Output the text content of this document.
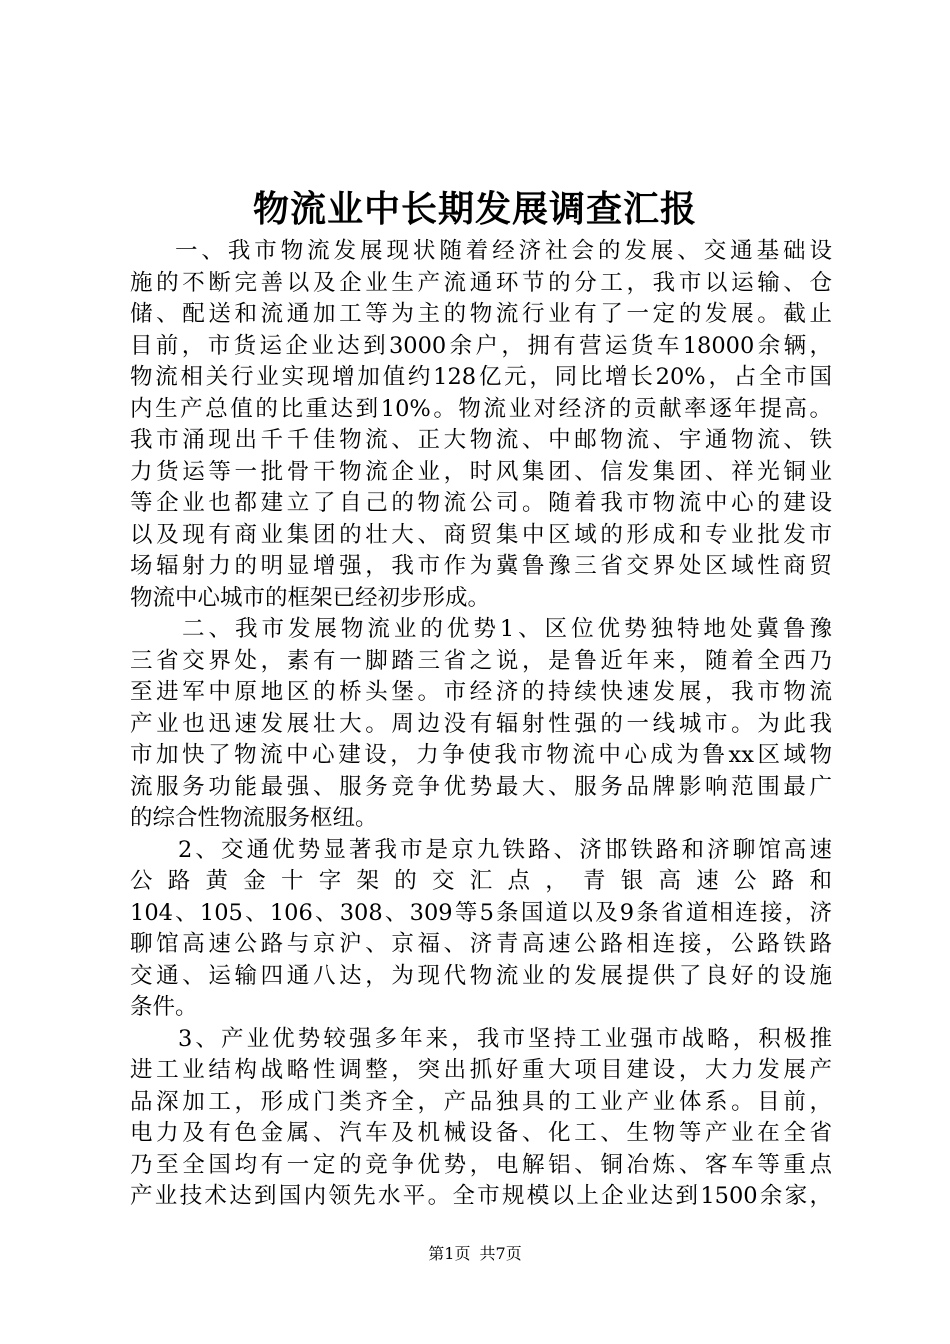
物流业中长期发展调查汇报
一、我市物流发展现状随着经济社会的发展、交通基础设
施的不断完善以及企业生产流通环节的分工，我市以运输、仓
储、配送和流通加工等为主的物流行业有了一定的发展。截止
目前，市货运企业达到3000余户，拥有营运货车18000余辆，
物流相关行业实现增加值约128亿元，同比增长20%，占全市国
内生产总值的比重达到10%。物流业对经济的贡献率逐年提高。
我市涌现出千千佳物流、正大物流、中邮物流、宇通物流、铁
力货运等一批骨干物流企业，时风集团、信发集团、祥光铜业
等企业也都建立了自己的物流公司。随着我市物流中心的建设
以及现有商业集团的壮大、商贸集中区域的形成和专业批发市
场辐射力的明显增强，我市作为冀鲁豫三省交界处区域性商贸
物流中心城市的框架已经初步形成。
二、我市发展物流业的优势1、区位优势独特地处冀鲁豫
三省交界处，素有一脚踏三省之说，是鲁近年来，随着全西乃
至进军中原地区的桥头堡。市经济的持续快速发展，我市物流
产业也迅速发展壮大。周边没有辐射性强的一线城市。为此我
市加快了物流中心建设，力争使我市物流中心成为鲁xx区域物
流服务功能最强、服务竞争优势最大、服务品牌影响范围最广
的综合性物流服务枢纽。
2、交通优势显著我市是京九铁路、济邯铁路和济聊馆高速
公路黄金十字架的交汇点，青银高速公路和
104、105、106、308、309等5条国道以及9条省道相连接，济
聊馆高速公路与京沪、京福、济青高速公路相连接，公路铁路
交通、运输四通八达，为现代物流业的发展提供了良好的设施
条件。
3、产业优势较强多年来，我市坚持工业强市战略，积极推
进工业结构战略性调整，突出抓好重大项目建设，大力发展产
品深加工，形成门类齐全，产品独具的工业产业体系。目前，
电力及有色金属、汽车及机械设备、化工、生物等产业在全省
乃至全国均有一定的竞争优势，电解铝、铜冶炼、客车等重点
产业技术达到国内领先水平。全市规模以上企业达到1500余家，
第1页 共7页
